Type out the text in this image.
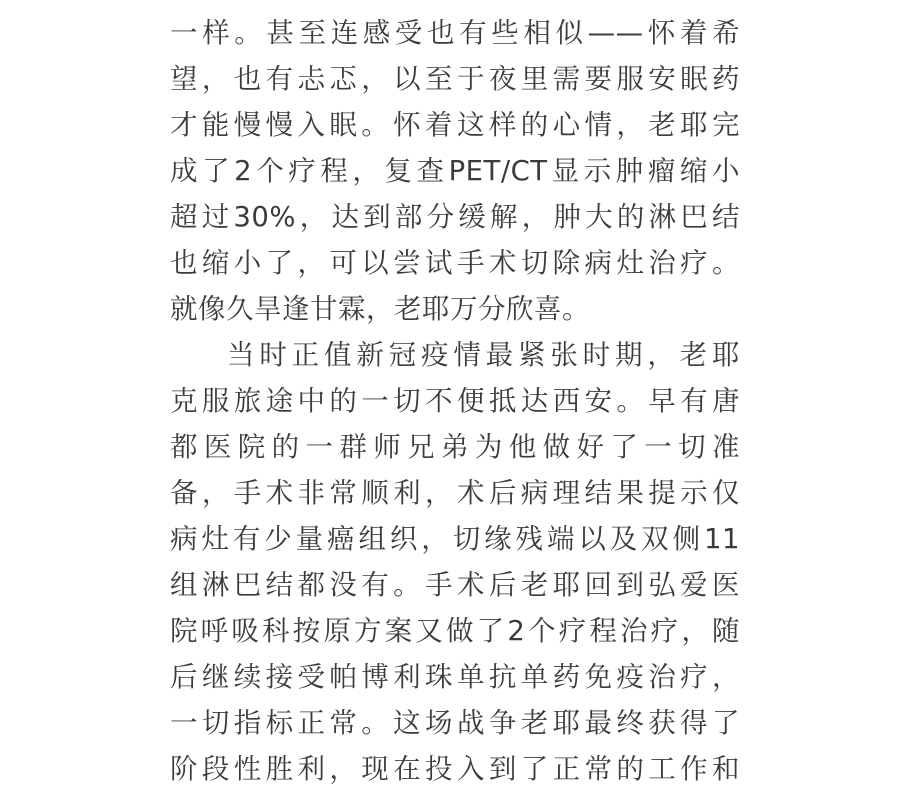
一样。甚至连感受也有些相似——怀着希
望，也有忐忑，以至于夜里需要服安眠药
才能慢慢入眠。怀着这样的心情，老耶完
成了2个疗程，复查PET/CT显示肿瘤缩小
超过30%，达到部分缓解，肿大的淋巴结
也缩小了，可以尝试手术切除病灶治疗。
就像久旱逢甘霖，老耶万分欣喜。
当时正值新冠疫情最紧张时期，老耶
克服旅途中的一切不便抵达西安。早有唐
都医院的一群师兄弟为他做好了一切准
备，手术非常顺利，术后病理结果提示仅
病灶有少量癌组织，切缘残端以及双侧11
组淋巴结都没有。手术后老耶回到弘爱医
院呼吸科按原方案又做了2个疗程治疗，随
后继续接受帕博利珠单抗单药免疫治疗，
一切指标正常。这场战争老耶最终获得了
阶段性胜利，现在投入到了正常的工作和
